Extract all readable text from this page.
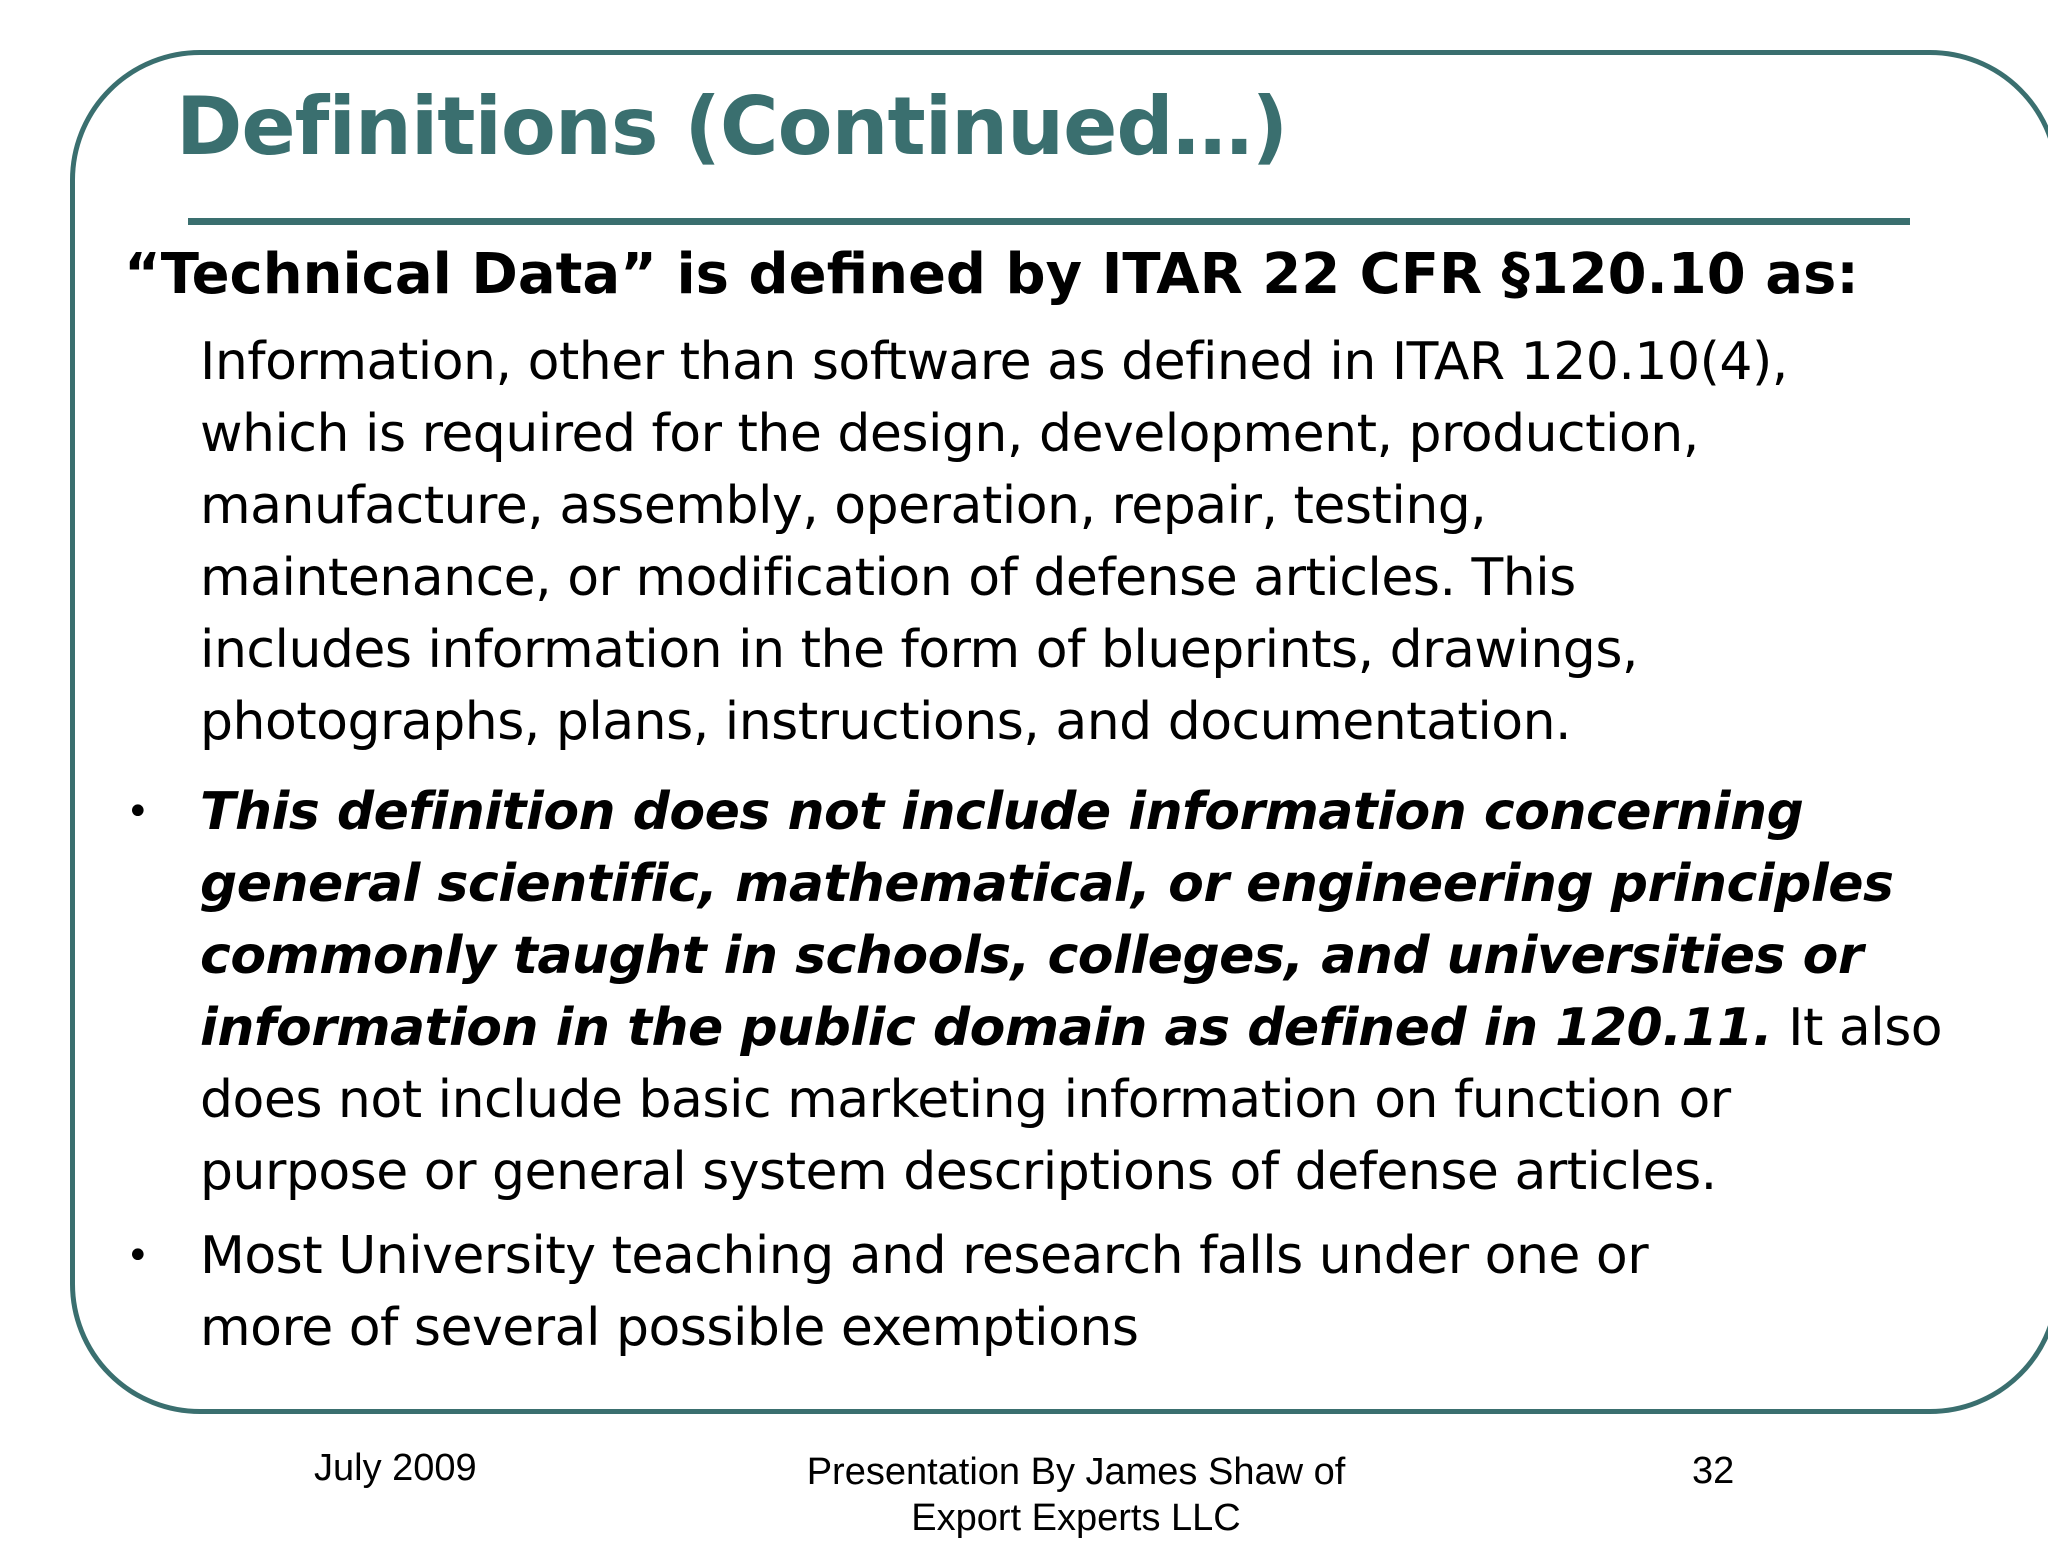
Definitions (Continued…)

“Technical Data” is defined by ITAR 22 CFR §120.10 as:

Information, other than software as defined in ITAR 120.10(4),
which is required for the design, development, production,
manufacture, assembly, operation, repair, testing,
maintenance, or modification of defense articles. This
includes information in the form of blueprints, drawings,
photographs, plans, instructions, and documentation.

• This definition does not include information concerning
general scientific, mathematical, or engineering principles
commonly taught in schools, colleges, and universities or
information in the public domain as defined in 120.11. It also
does not include basic marketing information on function or
purpose or general system descriptions of defense articles.

• Most University teaching and research falls under one or
more of several possible exemptions

July 2009	Presentation By James Shaw of
Export Experts LLC
32
